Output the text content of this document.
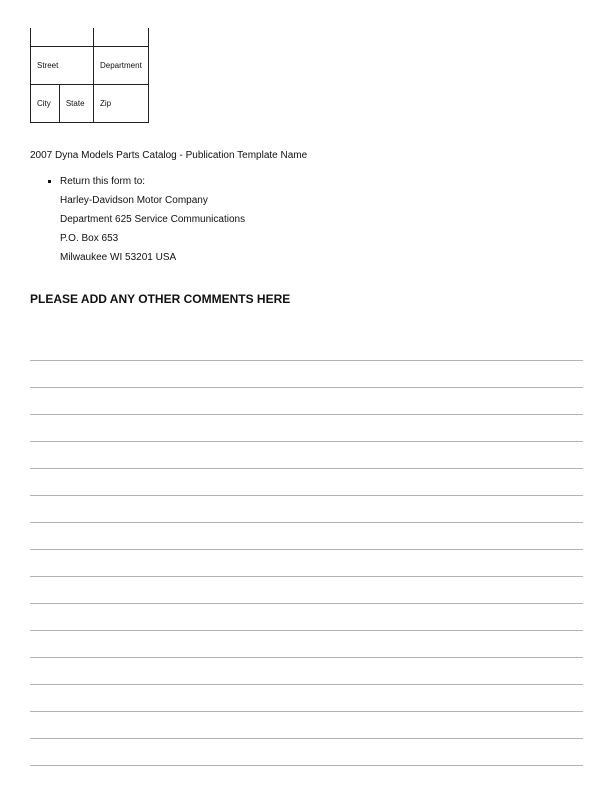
Street		Department
City	State	Zip
2007 Dyna Models Parts Catalog - Publication Template Name
Return this form to:
Harley-Davidson Motor Company
Department 625 Service Communications
P.O. Box 653
Milwaukee WI 53201 USA
PLEASE ADD ANY OTHER COMMENTS HERE
